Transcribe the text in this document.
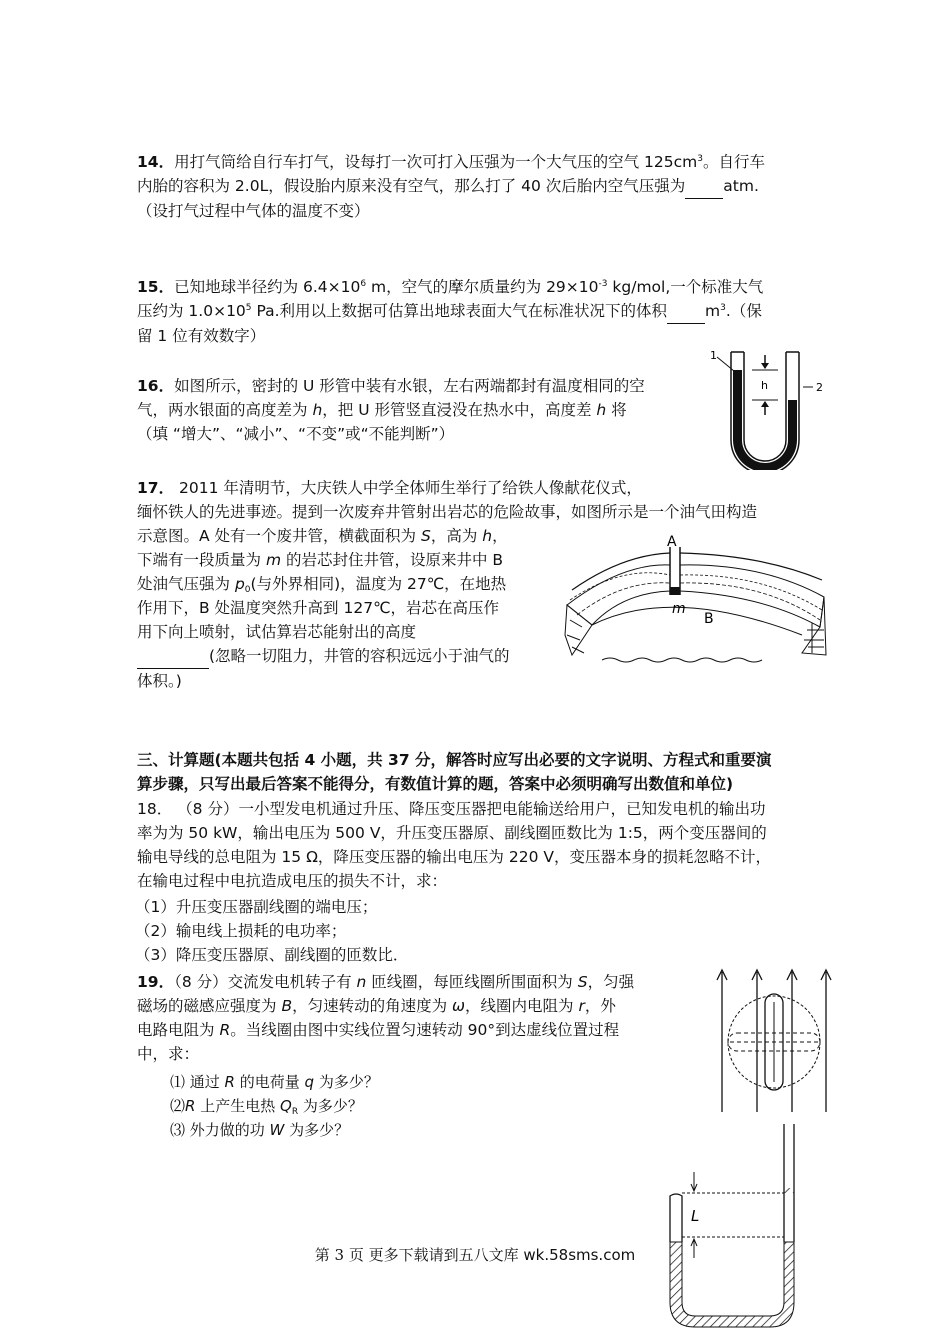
14．用打气筒给自行车打气，设每打一次可打入压强为一个大气压的空气 $125cm^3$。自行车
内胎的容积为 2.0L，假设胎内原来没有空气，那么打了 40 次后胎内空气压强为 atm.
（设打气过程中气体的温度不变）
15．已知地球半径约为 $6.4\times 10^6$ m，空气的摩尔质量约为 $29\times 10^{-3}$ kg/mol,一个标准大气
压约为 $1.0\times 10^5$ Pa.利用以上数据可估算出地球表面大气在标准状况下的体积 $m^3$.（保
留 1 位有效数字）
16．如图所示，密封的 U 形管中装有水银，左右两端都封有温度相同的空
气，两水银面的高度差为 h，把 U 形管竖直浸没在热水中，高度差 h 将
（填 “增大”、“减小”、“不变”或“不能判断”）
1
2
h
17． 2011 年清明节，大庆铁人中学全体师生举行了给铁人像献花仪式，
缅怀铁人的先进事迹。提到一次废弃井管射出岩芯的危险故事，如图所示是一个油气田构造
示意图。A 处有一个废井管，横截面积为 S，高为 h，
下端有一段质量为 m 的岩芯封住井管，设原来井中 B
处油气压强为 $p_0$(与外界相同)，温度为 27℃，在地热
作用下，B 处温度突然升高到 127℃，岩芯在高压作
用下向上喷射，试估算岩芯能射出的高度
(忽略一切阻力，井管的容积远远小于油气的
体积。)
A
m
B
三、计算题(本题共包括 4 小题，共 37 分，解答时应写出必要的文字说明、方程式和重要演
算步骤，只写出最后答案不能得分，有数值计算的题，答案中必须明确写出数值和单位)
18． （8 分）一小型发电机通过升压、降压变压器把电能输送给用户，已知发电机的输出功
率为为 50 kW，输出电压为 500 V，升压变压器原、副线圈匝数比为 1:5，两个变压器间的
输电导线的总电阻为 15 Ω，降压变压器的输出电压为 220 V，变压器本身的损耗忽略不计，
在输电过程中电抗造成电压的损失不计，求：
（1）升压变压器副线圈的端电压；
（2）输电线上损耗的电功率；
（3）降压变压器原、副线圈的匝数比．
19．（8 分）交流发电机转子有 n 匝线圈，每匝线圈所围面积为 S，匀强
磁场的磁感应强度为 B，匀速转动的角速度为 ω，线圈内电阻为 r，外
电路电阻为 R。当线圈由图中实线位置匀速转动 90°到达虚线位置过程
中，求：
⑴ 通过 R 的电荷量 q 为多少？
⑵R 上产生电热 $Q_R$ 为多少？
⑶ 外力做的功 W 为多少？
L
第 3 页 更多下载请到五八文库 wk.58sms.com
